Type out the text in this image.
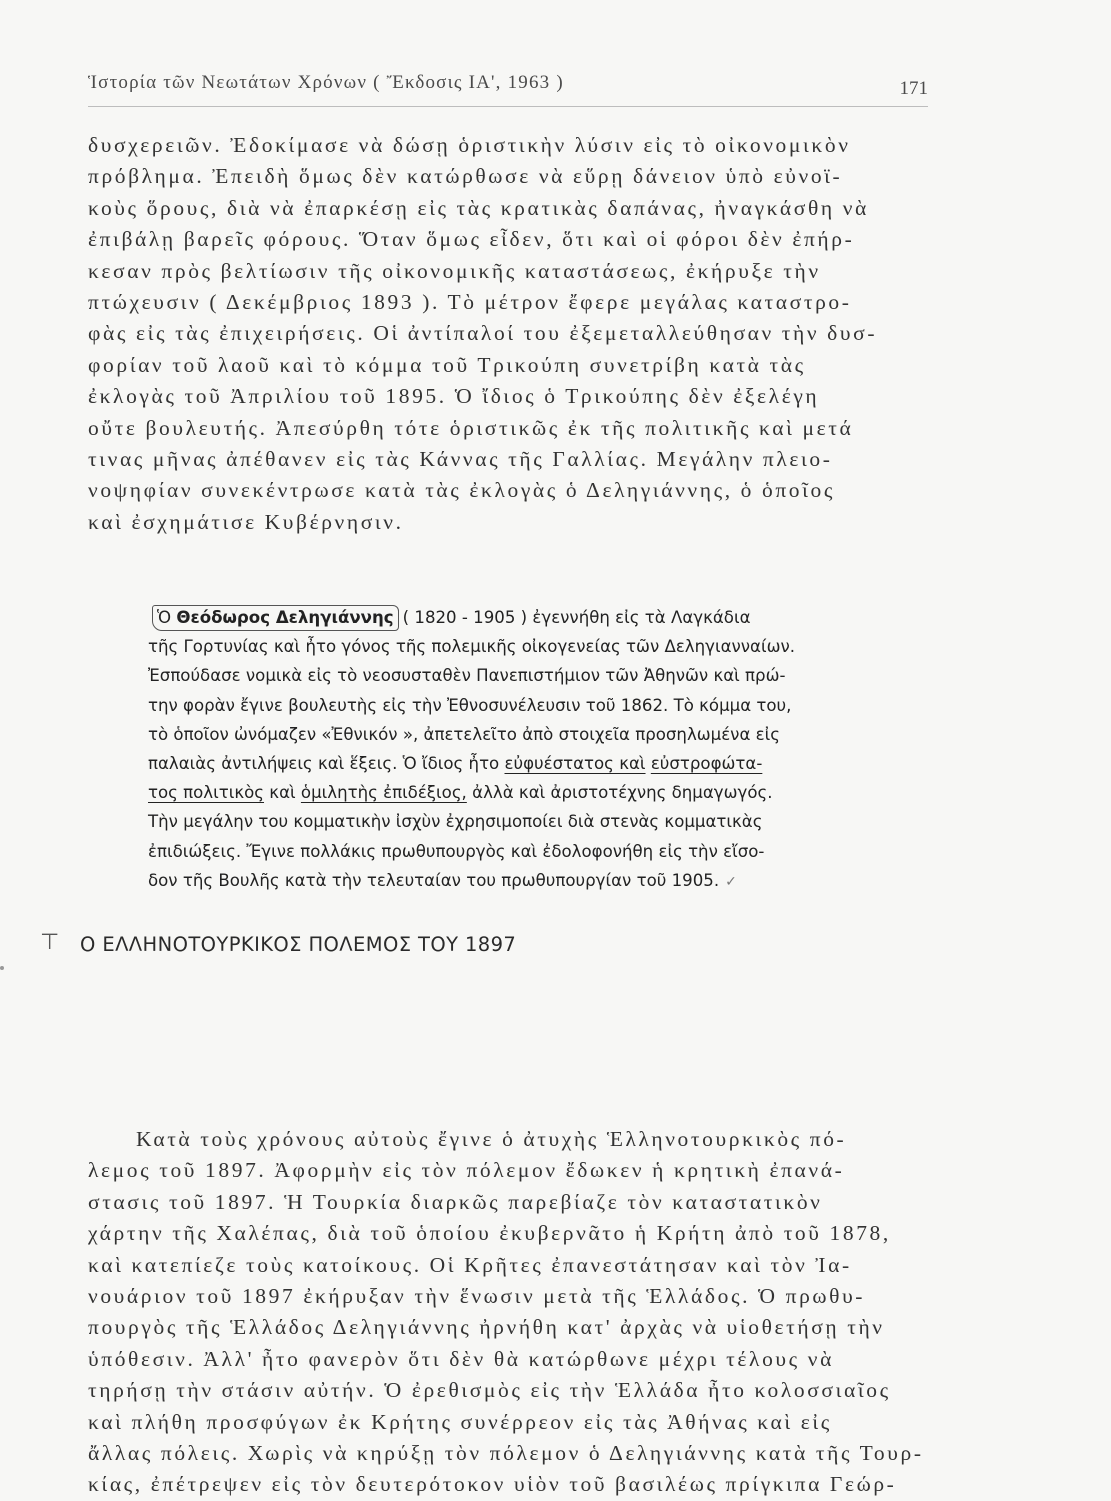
Ἱστορία τῶν Νεωτάτων Χρόνων ( Ἔκδοσις ΙΑ', 1963 )	171
δυσχερειῶν. Ἐδοκίμασε νὰ δώσῃ ὁριστικὴν λύσιν εἰς τὸ οἰκονομικὸν
πρόβλημα. Ἐπειδὴ ὅμως δὲν κατώρθωσε νὰ εὕρῃ δάνειον ὑπὸ εὐνοϊ-
κοὺς ὅρους, διὰ νὰ ἐπαρκέσῃ εἰς τὰς κρατικὰς δαπάνας, ἠναγκάσθη νὰ
ἐπιβάλῃ βαρεῖς φόρους. Ὅταν ὅμως εἶδεν, ὅτι καὶ οἱ φόροι δὲν ἐπήρ-
κεσαν πρὸς βελτίωσιν τῆς οἰκονομικῆς καταστάσεως, ἐκήρυξε τὴν
πτώχευσιν ( Δεκέμβριος 1893 ). Τὸ μέτρον ἔφερε μεγάλας καταστρο-
φὰς εἰς τὰς ἐπιχειρήσεις. Οἱ ἀντίπαλοί του ἐξεμεταλλεύθησαν τὴν δυσ-
φορίαν τοῦ λαοῦ καὶ τὸ κόμμα τοῦ Τρικούπη συνετρίβη κατὰ τὰς
ἐκλογὰς τοῦ Ἀπριλίου τοῦ 1895. Ὁ ἴδιος ὁ Τρικούπης δὲν ἐξελέγη
οὔτε βουλευτής. Ἀπεσύρθη τότε ὁριστικῶς ἐκ τῆς πολιτικῆς καὶ μετά
τινας μῆνας ἀπέθανεν εἰς τὰς Κάννας τῆς Γαλλίας. Μεγάλην πλειο-
νοψηφίαν συνεκέντρωσε κατὰ τὰς ἐκλογὰς ὁ Δεληγιάννης, ὁ ὁποῖος
καὶ ἐσχημάτισε Κυβέρνησιν.
Ὁ Θεόδωρος Δεληγιάννης ( 1820 - 1905 ) ἐγεννήθη εἰς τὰ Λαγκάδια
τῆς Γορτυνίας καὶ ἦτο γόνος τῆς πολεμικῆς οἰκογενείας τῶν Δεληγιανναίων.
Ἐσπούδασε νομικὰ εἰς τὸ νεοσυσταθὲν Πανεπιστήμιον τῶν Ἀθηνῶν καὶ πρώ-
την φορὰν ἔγινε βουλευτὴς εἰς τὴν Ἐθνοσυνέλευσιν τοῦ 1862. Τὸ κόμμα του,
τὸ ὁποῖον ὠνόμαζεν «Ἐθνικόν », ἀπετελεῖτο ἀπὸ στοιχεῖα προσηλωμένα εἰς
παλαιὰς ἀντιλήψεις καὶ ἕξεις. Ὁ ἴδιος ἦτο εὐφυέστατος καὶ εὐστροφώτα-
τος πολιτικὸς καὶ ὁμιλητὴς ἐπιδέξιος, ἀλλὰ καὶ ἀριστοτέχνης δημαγωγός.
Τὴν μεγάλην του κομματικὴν ἰσχὺν ἐχρησιμοποίει διὰ στενὰς κομματικὰς
ἐπιδιώξεις. Ἔγινε πολλάκις πρωθυπουργὸς καὶ ἐδολοφονήθη εἰς τὴν εἴσο-
δον τῆς Βουλῆς κατὰ τὴν τελευταίαν του πρωθυπουργίαν τοῦ 1905. ✓
⊤ Ο ΕΛΛΗΝΟΤΟΥΡΚΙΚΟΣ ΠΟΛΕΜΟΣ ΤΟΥ 1897
Κατὰ τοὺς χρόνους αὐτοὺς ἔγινε ὁ ἀτυχὴς Ἑλληνοτουρκικὸς πό-
λεμος τοῦ 1897. Ἀφορμὴν εἰς τὸν πόλεμον ἔδωκεν ἡ κρητικὴ ἐπανά-
στασις τοῦ 1897. Ἡ Τουρκία διαρκῶς παρεβίαζε τὸν καταστατικὸν
χάρτην τῆς Χαλέπας, διὰ τοῦ ὁποίου ἐκυβερνᾶτο ἡ Κρήτη ἀπὸ τοῦ 1878,
καὶ κατεπίεζε τοὺς κατοίκους. Οἱ Κρῆτες ἐπανεστάτησαν καὶ τὸν Ἰα-
νουάριον τοῦ 1897 ἐκήρυξαν τὴν ἕνωσιν μετὰ τῆς Ἑλλάδος. Ὁ πρωθυ-
πουργὸς τῆς Ἑλλάδος Δεληγιάννης ἠρνήθη κατ' ἀρχὰς νὰ υἱοθετήσῃ τὴν
ὑπόθεσιν. Ἀλλ' ἦτο φανερὸν ὅτι δὲν θὰ κατώρθωνε μέχρι τέλους νὰ
τηρήσῃ τὴν στάσιν αὐτήν. Ὁ ἐρεθισμὸς εἰς τὴν Ἑλλάδα ἦτο κολοσσιαῖος
καὶ πλήθη προσφύγων ἐκ Κρήτης συνέρρεον εἰς τὰς Ἀθήνας καὶ εἰς
ἄλλας πόλεις. Χωρὶς νὰ κηρύξῃ τὸν πόλεμον ὁ Δεληγιάννης κατὰ τῆς Τουρ-
κίας, ἐπέτρεψεν εἰς τὸν δευτερότοκον υἱὸν τοῦ βασιλέως πρίγκιπα Γεώρ-
